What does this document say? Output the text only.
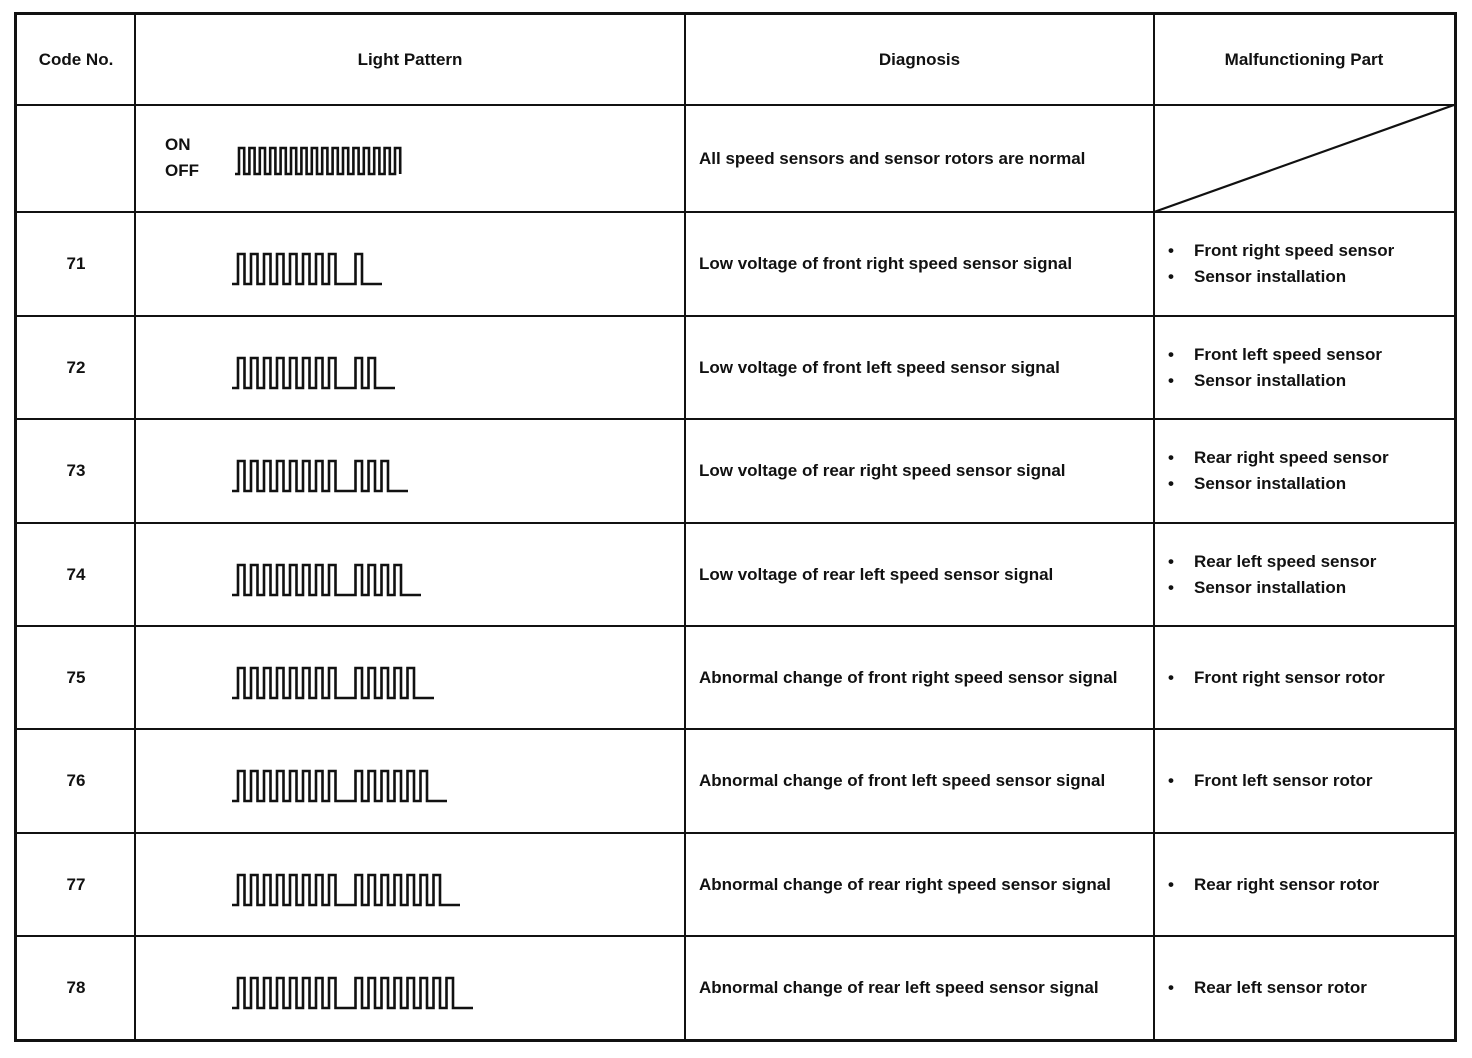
Code No.	Light Pattern	Diagnosis	Malfunctioning Part
ON
OFF
All speed sensors and sensor rotors are normal
71	Low voltage of front right speed sensor signal
•	Front right speed sensor
•	Sensor installation
72	Low voltage of front left speed sensor signal
•	Front left speed sensor
•	Sensor installation
73	Low voltage of rear right speed sensor signal
•	Rear right speed sensor
•	Sensor installation
74	Low voltage of rear left speed sensor signal
•	Rear left speed sensor
•	Sensor installation
75	Abnormal change of front right speed sensor signal	•	Front right sensor rotor
76	Abnormal change of front left speed sensor signal	•	Front left sensor rotor
77	Abnormal change of rear right speed sensor signal	•	Rear right sensor rotor
78	Abnormal change of rear left speed sensor signal	•	Rear left sensor rotor
